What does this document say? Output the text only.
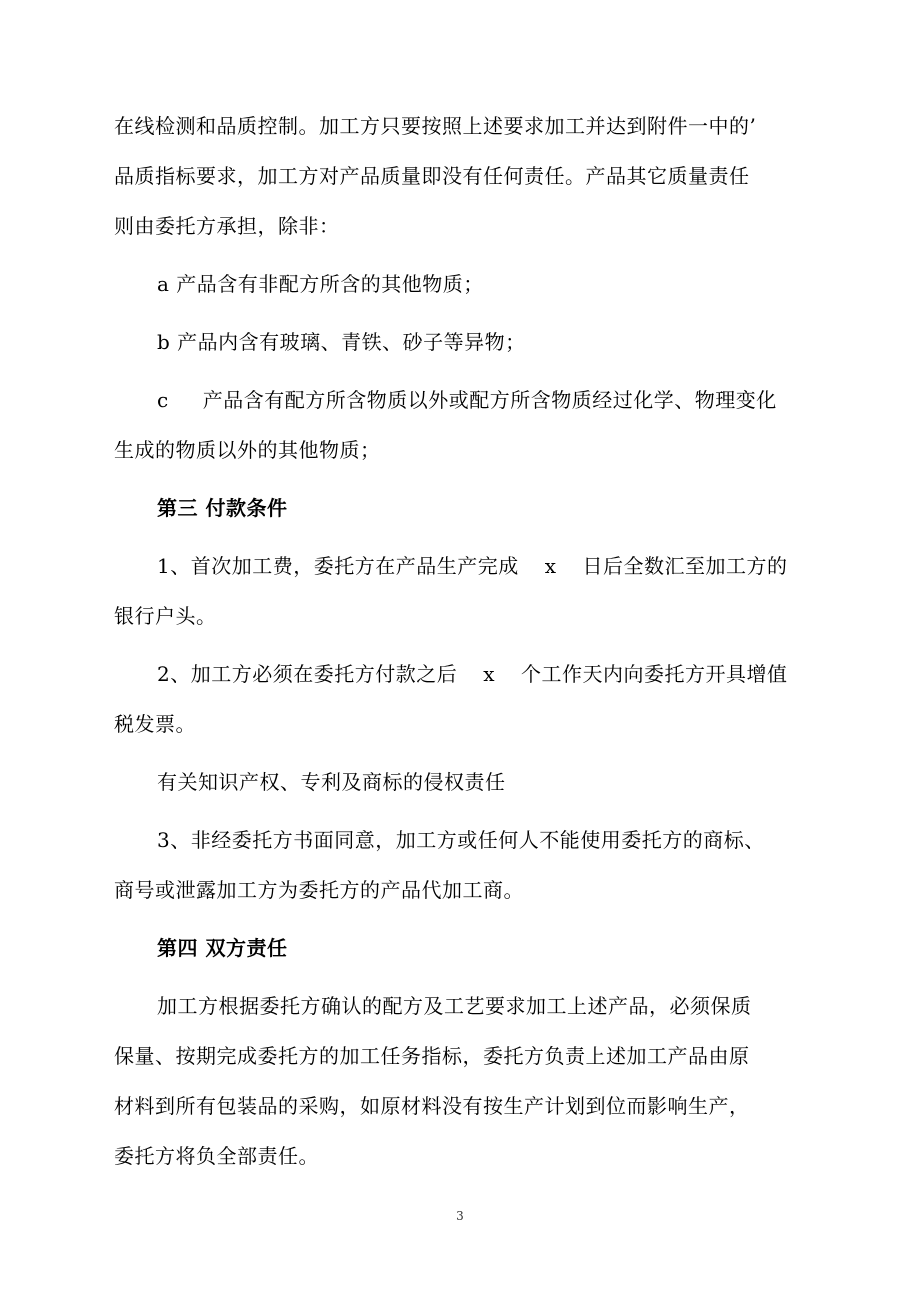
在线检测和品质控制。加工方只要按照上述要求加工并达到附件一中的’
品质指标要求，加工方对产品质量即没有任何责任。产品其它质量责任
则由委托方承担，除非：
a 产品含有非配方所含的其他物质；
b 产品内含有玻璃、青铁、砂子等异物；
c 产品含有配方所含物质以外或配方所含物质经过化学、物理变化
生成的物质以外的其他物质；
第三 付款条件
1、首次加工费，委托方在产品生产完成 x 日后全数汇至加工方的
银行户头。
2、加工方必须在委托方付款之后 x 个工作天内向委托方开具增值
税发票。
有关知识产权、专利及商标的侵权责任
3、非经委托方书面同意，加工方或任何人不能使用委托方的商标、
商号或泄露加工方为委托方的产品代加工商。
第四 双方责任
加工方根据委托方确认的配方及工艺要求加工上述产品，必须保质
保量、按期完成委托方的加工任务指标，委托方负责上述加工产品由原
材料到所有包装品的采购，如原材料没有按生产计划到位而影响生产，
委托方将负全部责任。
3
